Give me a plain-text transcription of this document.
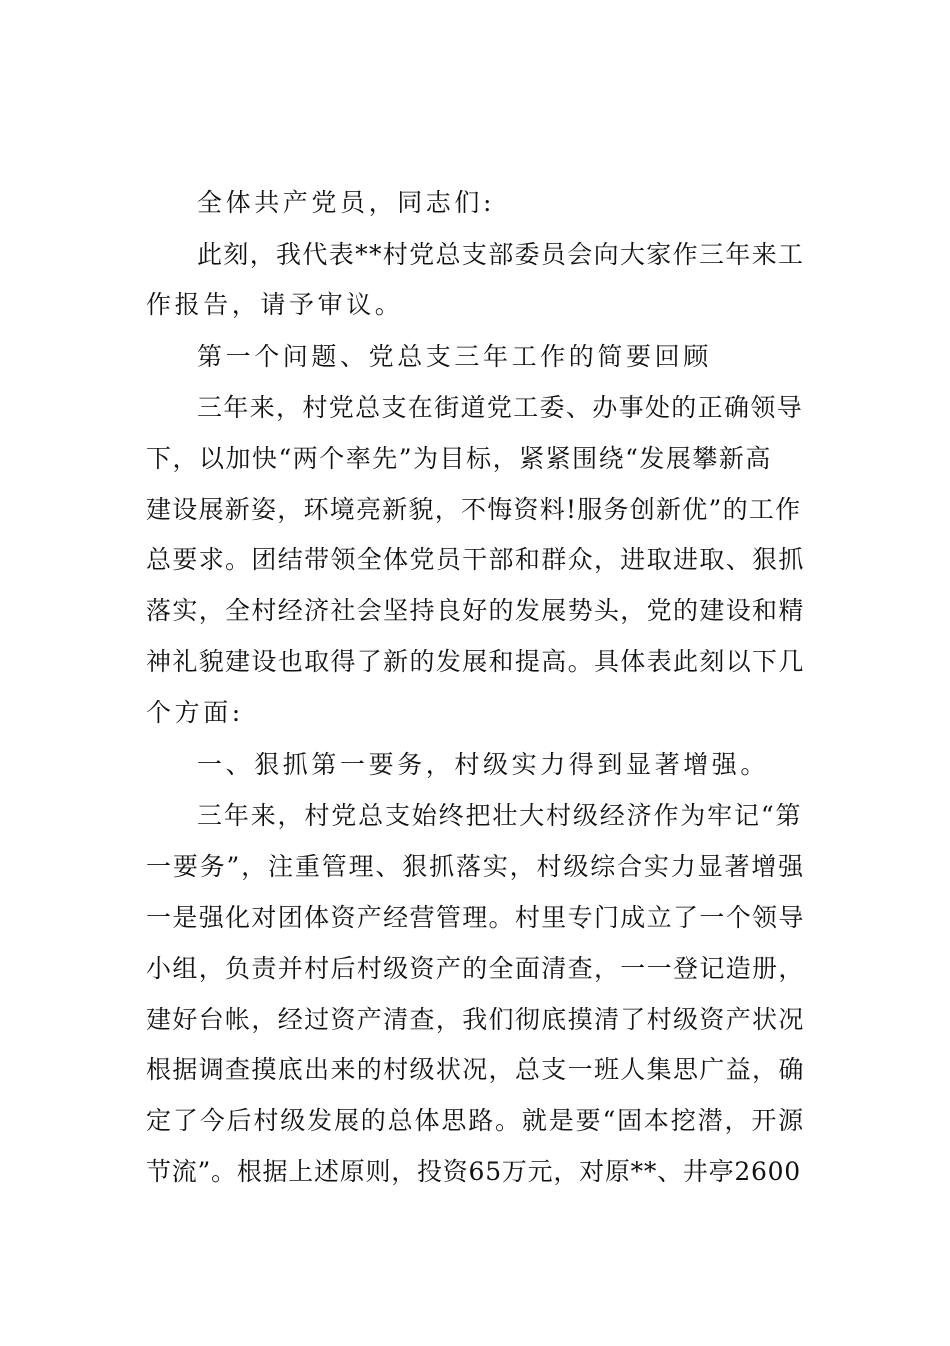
全体共产党员，同志们:
此刻，我代表**村党总支部委员会向大家作三年来工
作报告，请予审议。
第一个问题、党总支三年工作的简要回顾
三年来，村党总支在街道党工委、办事处的正确领导
下，以加快“两个率先”为目标，紧紧围绕“发展攀新高
建设展新姿，环境亮新貌，不悔资料!服务创新优”的工作
总要求。团结带领全体党员干部和群众，进取进取、狠抓
落实，全村经济社会坚持良好的发展势头，党的建设和精
神礼貌建设也取得了新的发展和提高。具体表此刻以下几
个方面:
一、狠抓第一要务，村级实力得到显著增强。
三年来，村党总支始终把壮大村级经济作为牢记“第
一要务”，注重管理、狠抓落实，村级综合实力显著增强
一是强化对团体资产经营管理。村里专门成立了一个领导
小组，负责并村后村级资产的全面清查，一一登记造册，
建好台帐，经过资产清查，我们彻底摸清了村级资产状况
根据调查摸底出来的村级状况，总支一班人集思广益，确
定了今后村级发展的总体思路。就是要“固本挖潜，开源
节流”。根据上述原则，投资65万元，对原**、井亭2600
